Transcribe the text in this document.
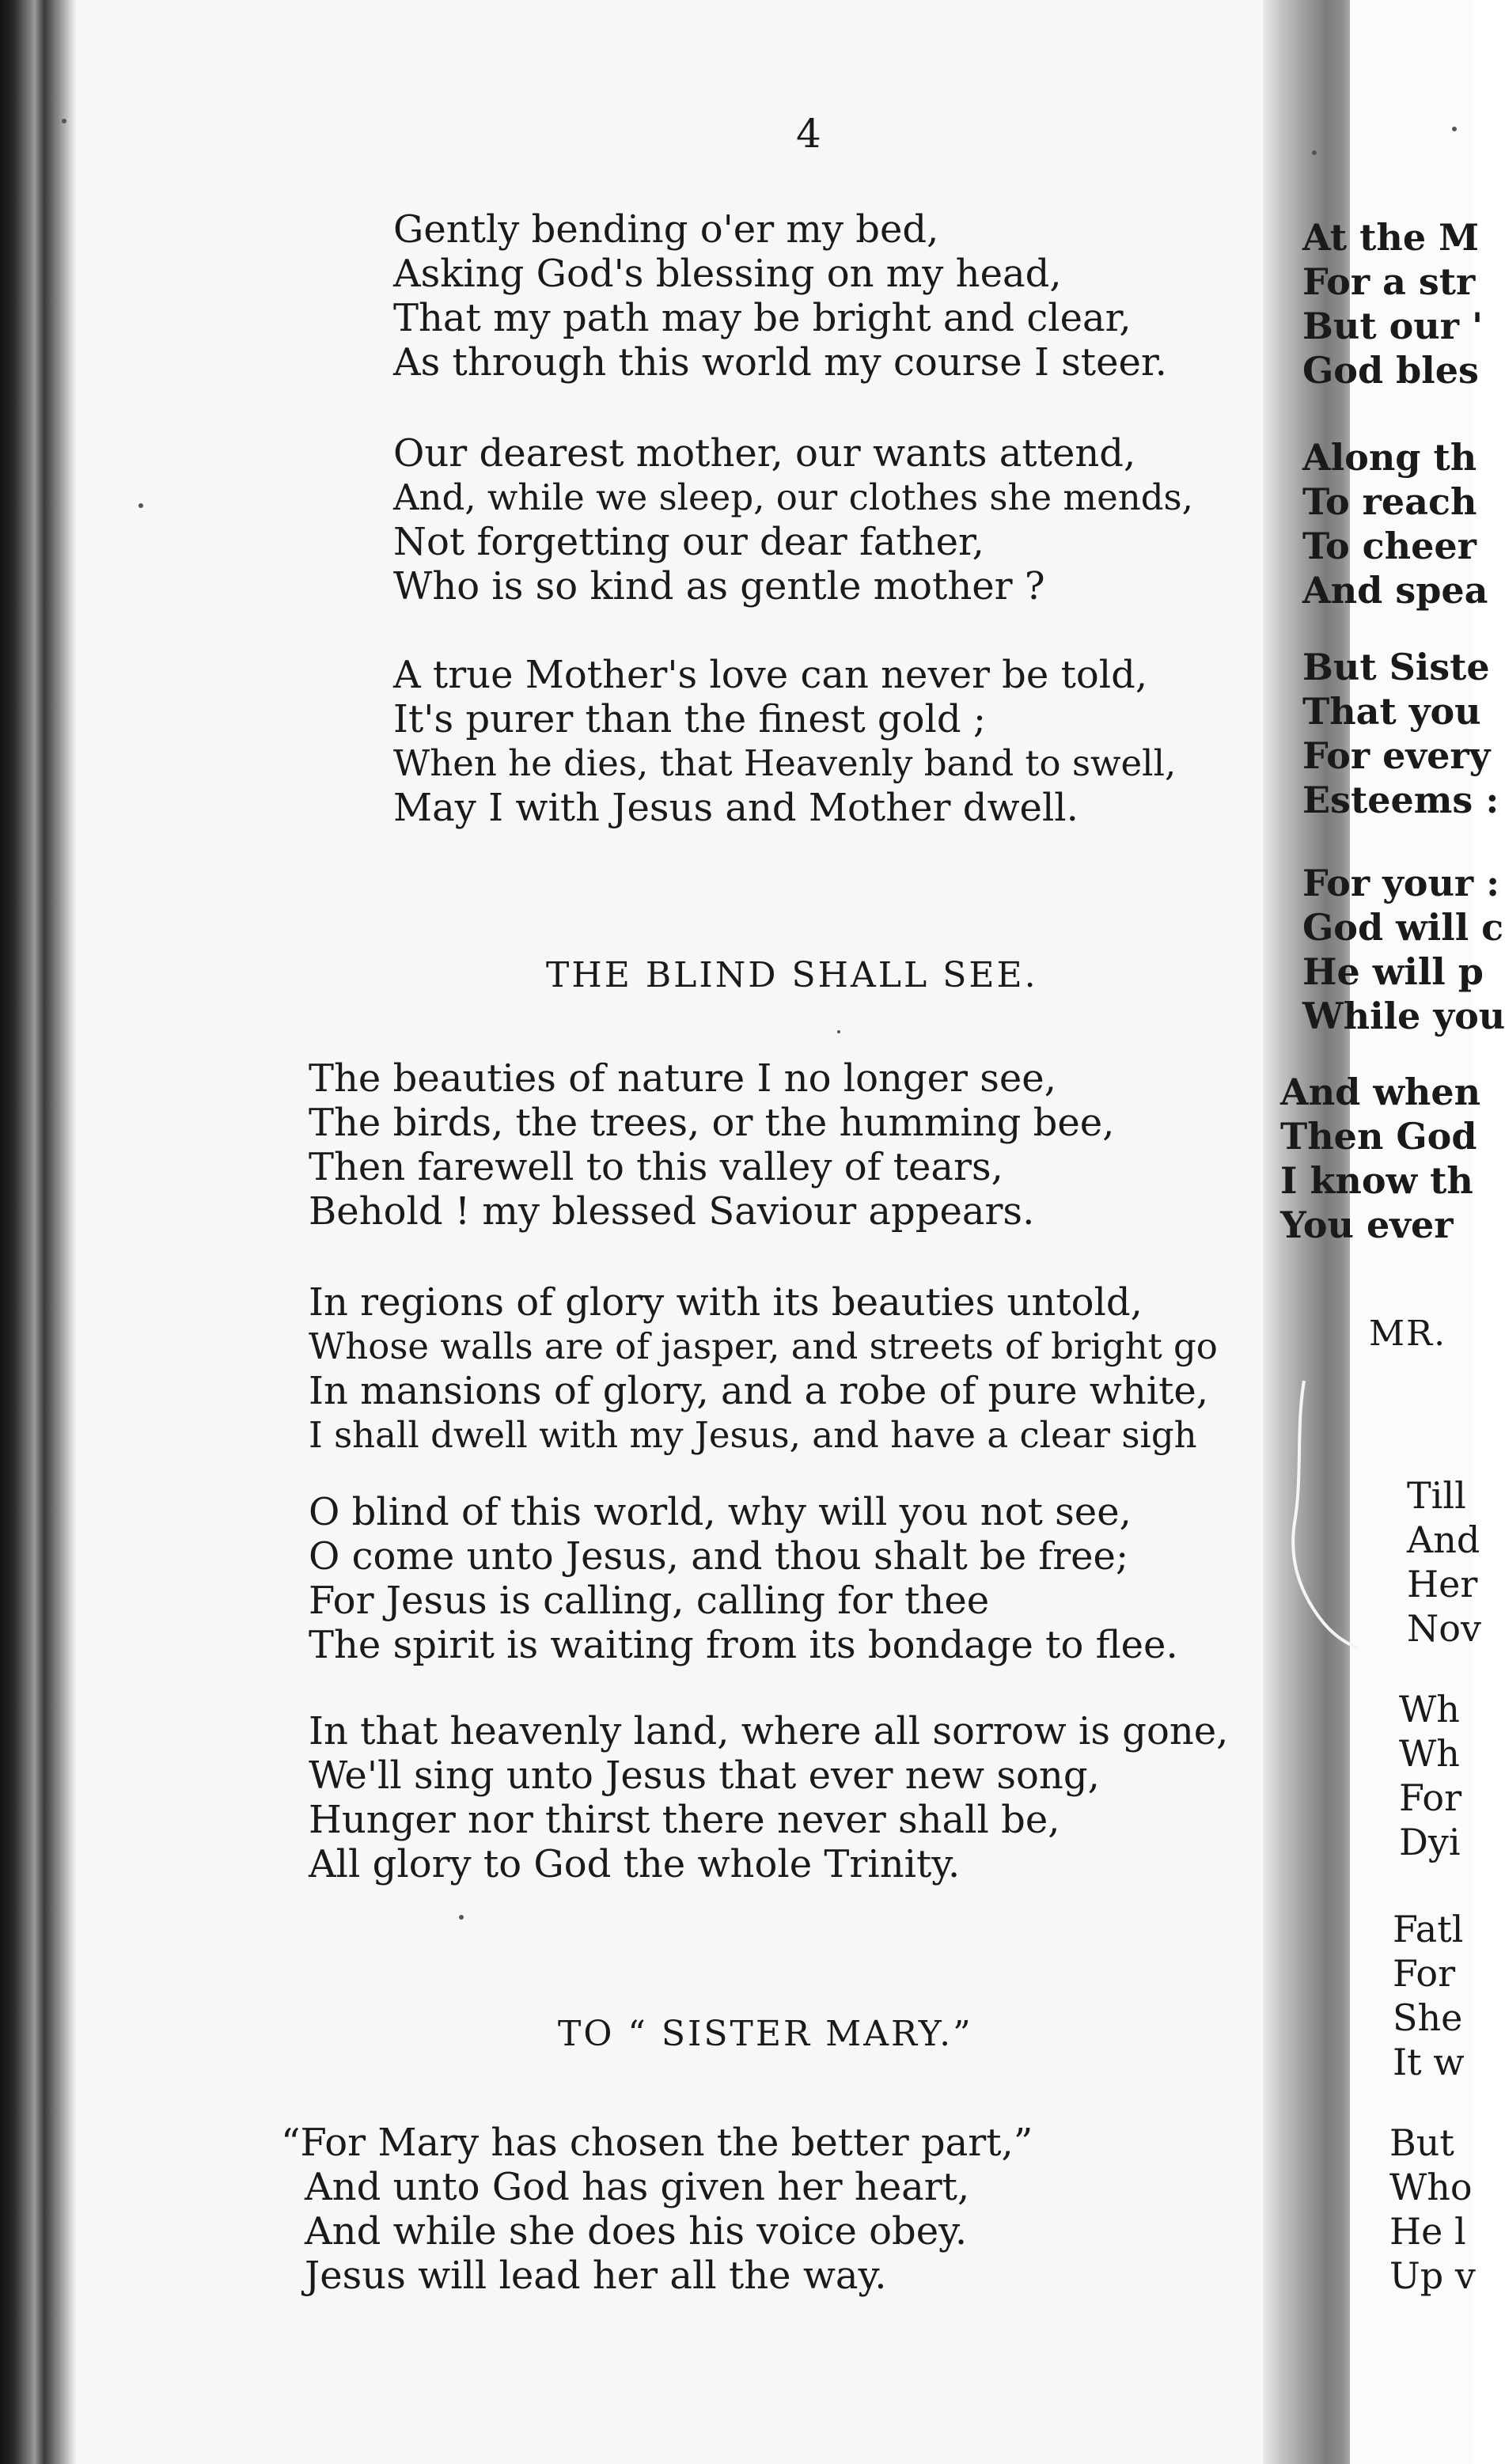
4
Gently bending o'er my bed,
Asking God's blessing on my head,
That my path may be bright and clear,
As through this world my course I steer.
Our dearest mother, our wants attend,
And, while we sleep, our clothes she mends,
Not forgetting our dear father,
Who is so kind as gentle mother ?
A true Mother's love can never be told,
It's purer than the finest gold ;
When he dies, that Heavenly band to swell,
May I with Jesus and Mother dwell.
THE BLIND SHALL SEE.
The beauties of nature I no longer see,
The birds, the trees, or the humming bee,
Then farewell to this valley of tears,
Behold ! my blessed Saviour appears.
In regions of glory with its beauties untold,
Whose walls are of jasper, and streets of bright go
In mansions of glory, and a robe of pure white,
I shall dwell with my Jesus, and have a clear sigh
O blind of this world, why will you not see,
O come unto Jesus, and thou shalt be free;
For Jesus is calling, calling for thee
The spirit is waiting from its bondage to flee.
In that heavenly land, where all sorrow is gone,
We'll sing unto Jesus that ever new song,
Hunger nor thirst there never shall be,
All glory to God the whole Trinity.
TO “ SISTER MARY.”
“For Mary has chosen the better part,”
And unto God has given her heart,
And while she does his voice obey.
Jesus will lead her all the way.
At the M
For a str
But our '
God bles
Along th
To reach
To cheer
And spea
But Siste
That you
For every
Esteems :
For your :
God will c
He will p
While you
And when
Then God
I know th
You ever
MR.
Till
And
Her
Nov
Wh
Wh
For
Dyi
Fatl
For
She
It w
But
Who
He l
Up v
